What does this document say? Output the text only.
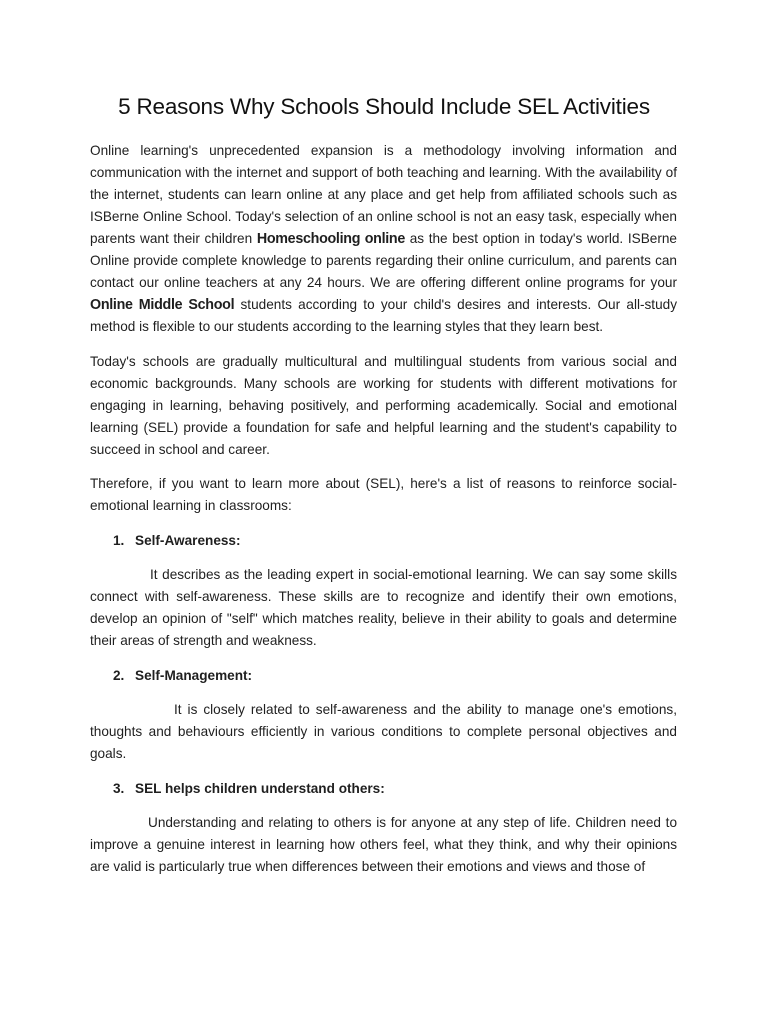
5 Reasons Why Schools Should Include SEL Activities

Online learning's unprecedented expansion is a methodology involving information and communication with the internet and support of both teaching and learning. With the availability of the internet, students can learn online at any place and get help from affiliated schools such as ISBerne Online School. Today's selection of an online school is not an easy task, especially when parents want their children Homeschooling online as the best option in today's world. ISBerne Online provide complete knowledge to parents regarding their online curriculum, and parents can contact our online teachers at any 24 hours. We are offering different online programs for your Online Middle School students according to your child's desires and interests. Our all-study method is flexible to our students according to the learning styles that they learn best.

Today's schools are gradually multicultural and multilingual students from various social and economic backgrounds. Many schools are working for students with different motivations for engaging in learning, behaving positively, and performing academically. Social and emotional learning (SEL) provide a foundation for safe and helpful learning and the student's capability to succeed in school and career.

Therefore, if you want to learn more about (SEL), here's a list of reasons to reinforce social-emotional learning in classrooms:

1. Self-Awareness:

It describes as the leading expert in social-emotional learning. We can say some skills connect with self-awareness. These skills are to recognize and identify their own emotions, develop an opinion of "self" which matches reality, believe in their ability to goals and determine their areas of strength and weakness.

2. Self-Management:

It is closely related to self-awareness and the ability to manage one's emotions, thoughts and behaviours efficiently in various conditions to complete personal objectives and goals.

3. SEL helps children understand others:

Understanding and relating to others is for anyone at any step of life. Children need to improve a genuine interest in learning how others feel, what they think, and why their opinions are valid is particularly true when differences between their emotions and views and those of
